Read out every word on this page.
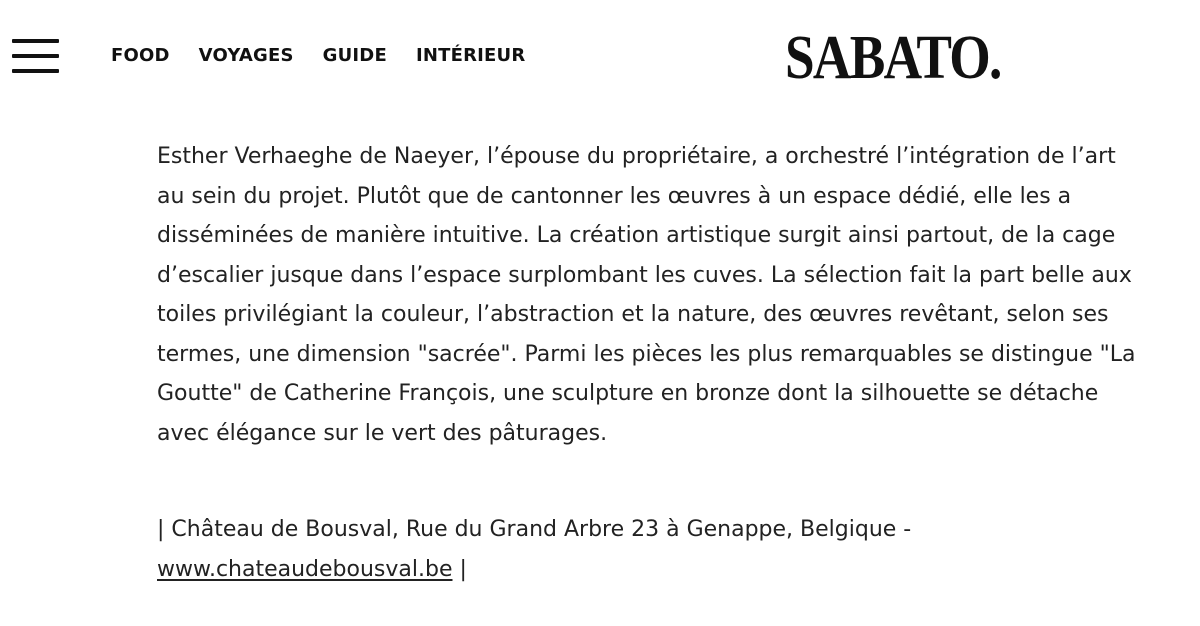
FOOD VOYAGES GUIDE INTÉRIEUR	SABATO.

Esther Verhaeghe de Naeyer, l’épouse du propriétaire, a orchestré l’intégration de l’art au sein du projet. Plutôt que de cantonner les œuvres à un espace dédié, elle les a disséminées de manière intuitive. La création artistique surgit ainsi partout, de la cage d’escalier jusque dans l’espace surplombant les cuves. La sélection fait la part belle aux toiles privilégiant la couleur, l’abstraction et la nature, des œuvres revêtant, selon ses termes, une dimension "sacrée". Parmi les pièces les plus remarquables se distingue "La Goutte" de Catherine François, une sculpture en bronze dont la silhouette se détache avec élégance sur le vert des pâturages.

| Château de Bousval, Rue du Grand Arbre 23 à Genappe, Belgique -
www.chateaudebousval.be |
